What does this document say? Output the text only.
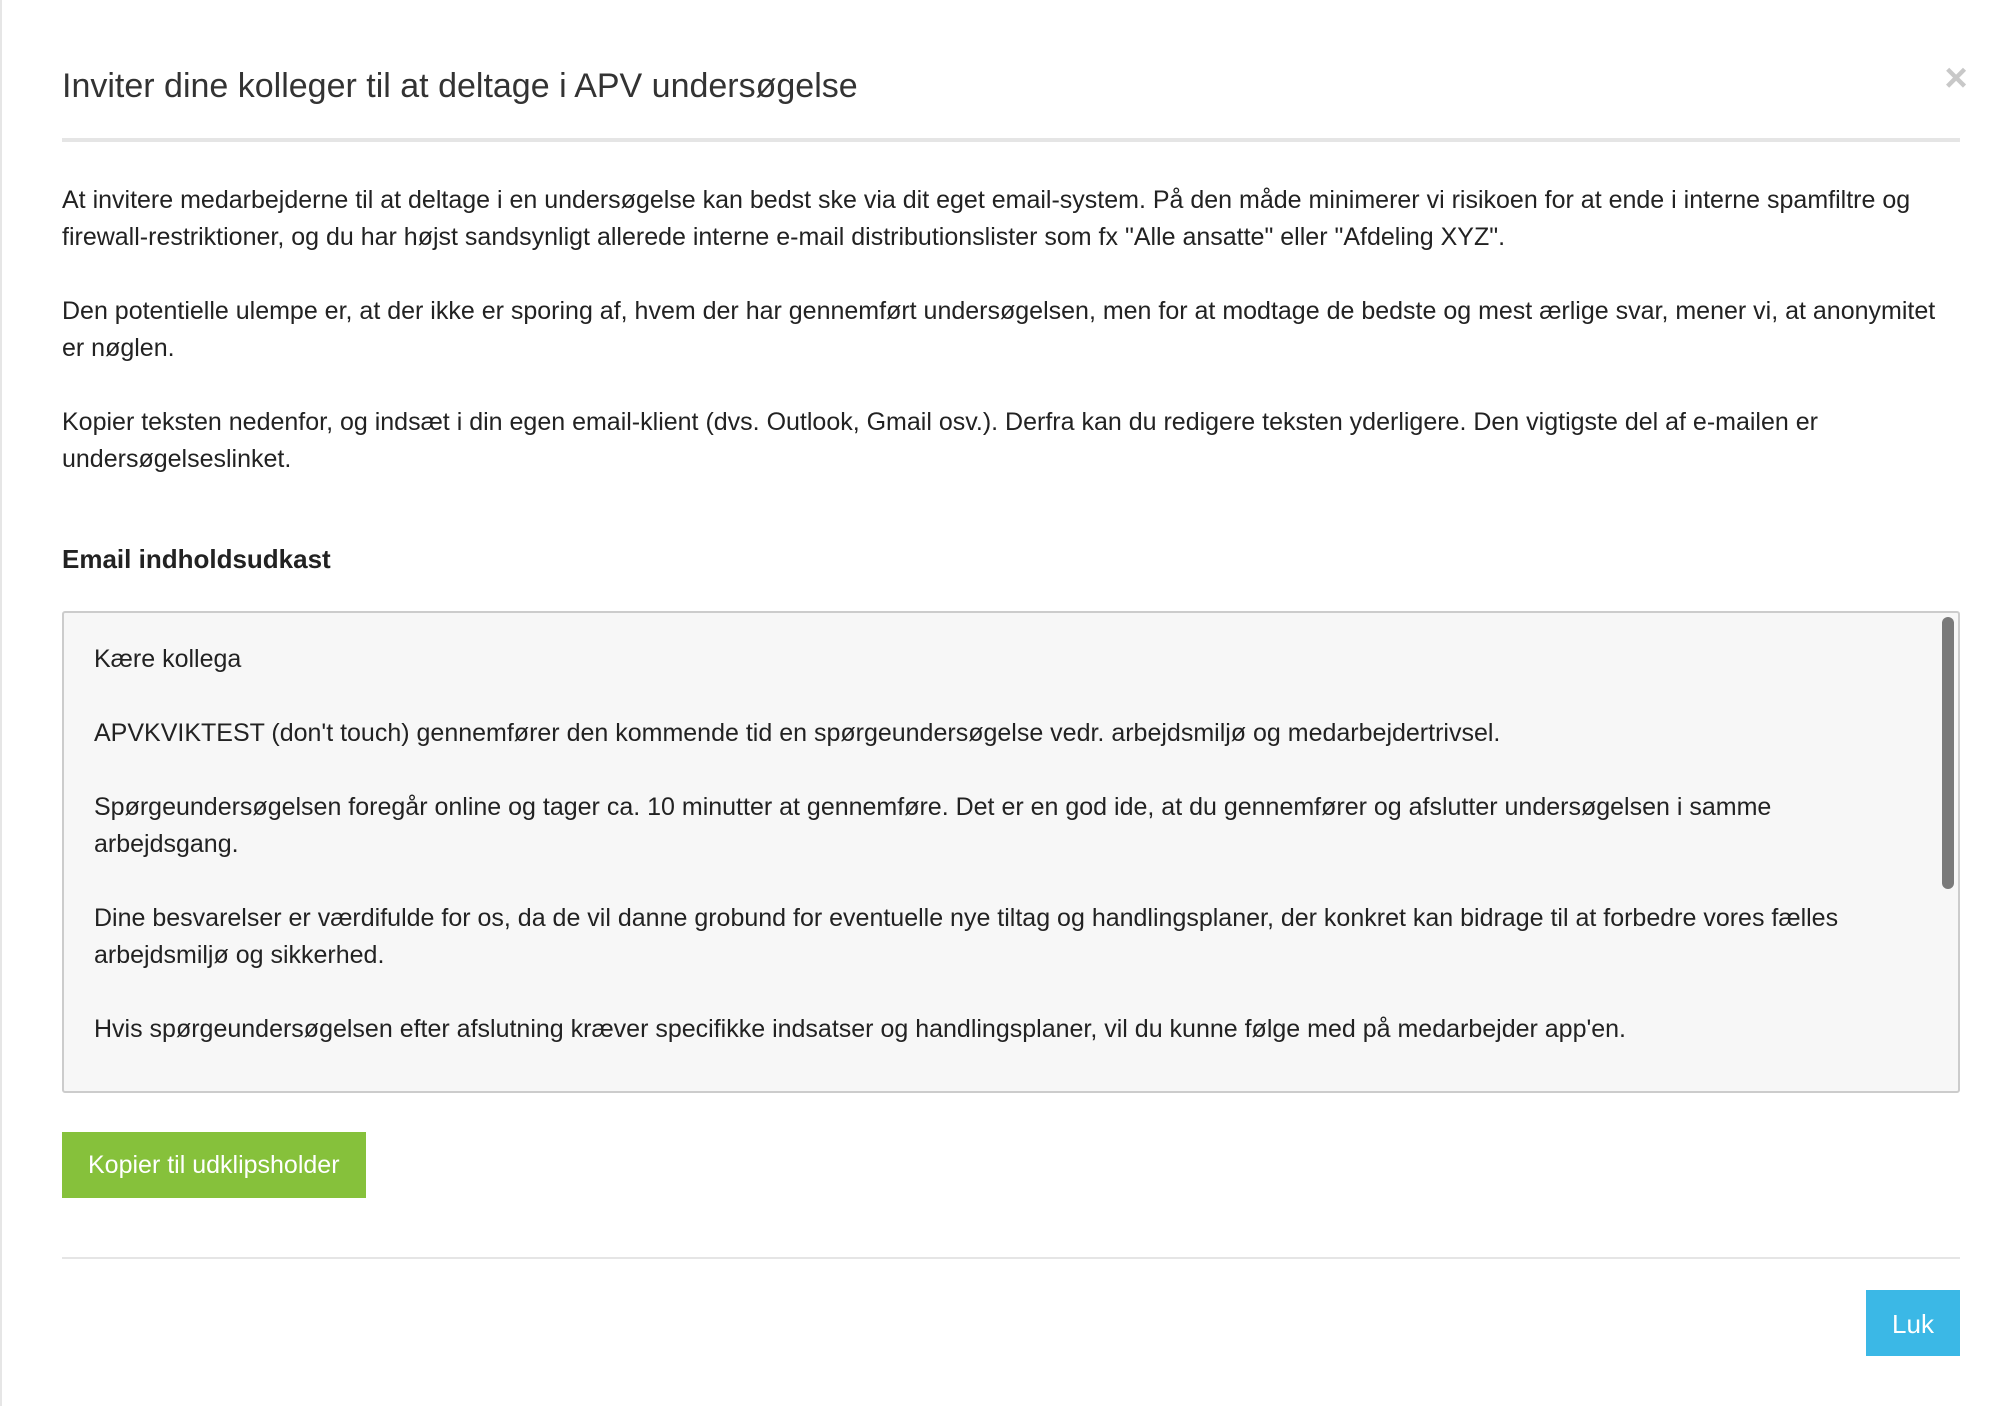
Inviter dine kolleger til at deltage i APV undersøgelse	×

At invitere medarbejderne til at deltage i en undersøgelse kan bedst ske via dit eget email-system. På den måde minimerer vi risikoen for at ende i interne spamfiltre og firewall-restriktioner, og du har højst sandsynligt allerede interne e-mail distributionslister som fx "Alle ansatte" eller "Afdeling XYZ".

Den potentielle ulempe er, at der ikke er sporing af, hvem der har gennemført undersøgelsen, men for at modtage de bedste og mest ærlige svar, mener vi, at anonymitet er nøglen.

Kopier teksten nedenfor, og indsæt i din egen email-klient (dvs. Outlook, Gmail osv.). Derfra kan du redigere teksten yderligere. Den vigtigste del af e-mailen er undersøgelseslinket.

Email indholdsudkast

Kære kollega

APVKVIKTEST (don't touch) gennemfører den kommende tid en spørgeundersøgelse vedr. arbejdsmiljø og medarbejdertrivsel.

Spørgeundersøgelsen foregår online og tager ca. 10 minutter at gennemføre. Det er en god ide, at du gennemfører og afslutter undersøgelsen i samme arbejdsgang.

Dine besvarelser er værdifulde for os, da de vil danne grobund for eventuelle nye tiltag og handlingsplaner, der konkret kan bidrage til at forbedre vores fælles arbejdsmiljø og sikkerhed.

Hvis spørgeundersøgelsen efter afslutning kræver specifikke indsatser og handlingsplaner, vil du kunne følge med på medarbejder app'en.

Kopier til udklipsholder
Luk
